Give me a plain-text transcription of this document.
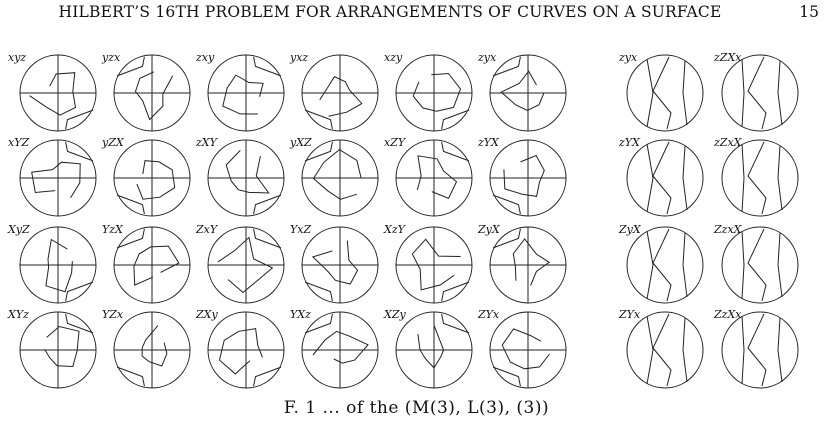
HILBERT’S 16TH PROBLEM FOR ARRANGEMENTS OF CURVES ON A SURFACE	15
xyz	yzx	zxy	yxz	xzy	zyx
xYZ	yZX	zXY	yXZ	xZY	zYX
XyZ	YzX	ZxY	YxZ	XzY	ZyX
XYz	YZx	ZXy	YXz	XZy	ZYx
zyx	zZXx
zYX	zZxX
ZyX	ZzxX
ZYx	ZzXx
F. 1 ... of the (M(3), L(3), (3))
